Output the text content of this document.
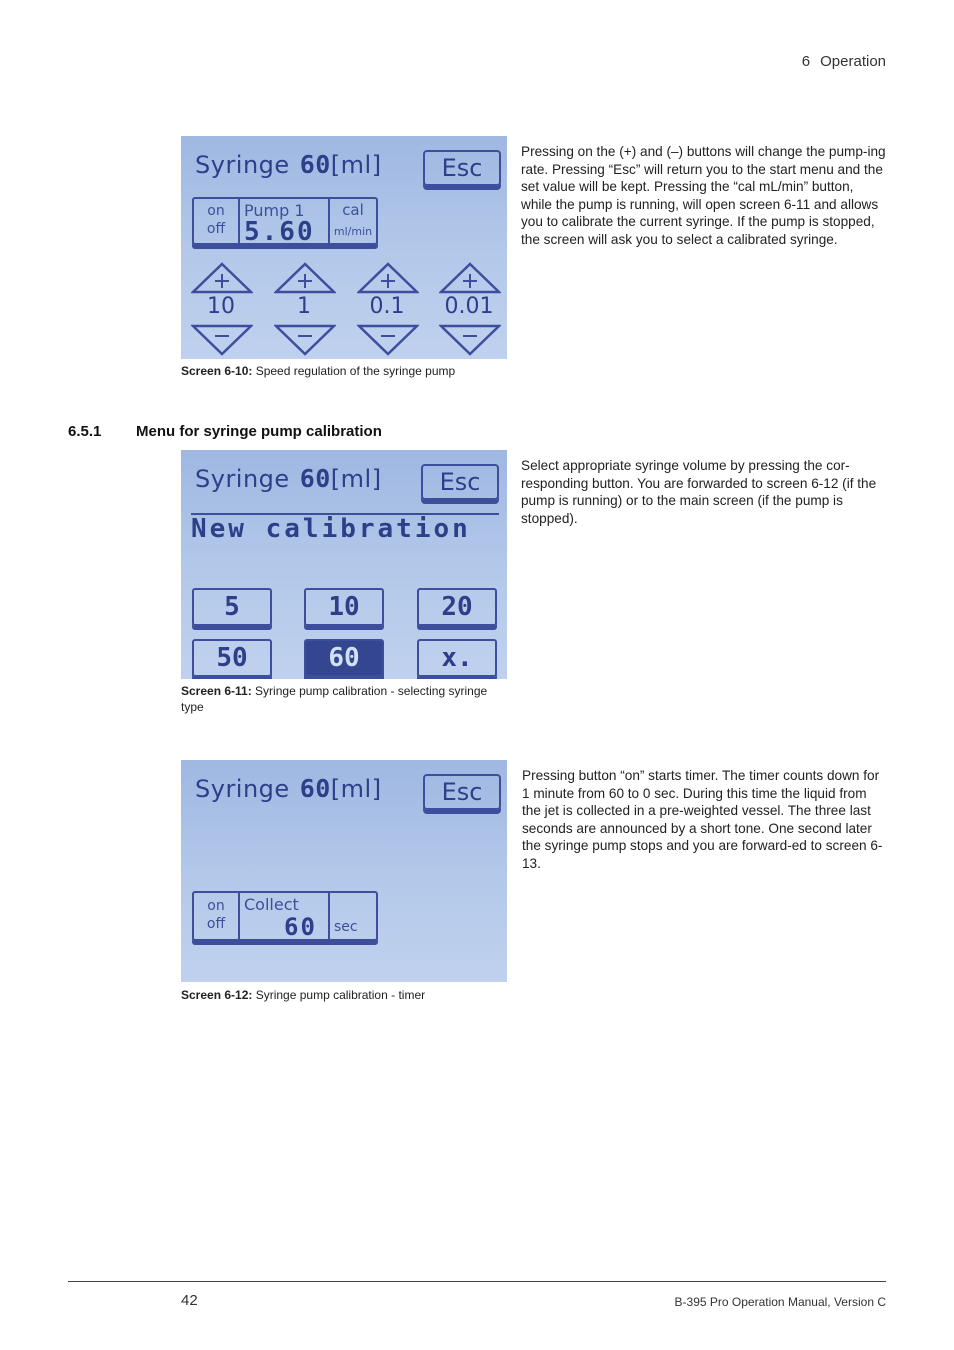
6 Operation
Syringe 60[ml]	Esc
on
off
Pump 1
5.60
cal
ml/min
10	1	0.1	0.01
Screen 6-10: Speed regulation of the syringe pump
Pressing on the (+) and (–) buttons will change the pump-ing rate. Pressing “Esc” will return you to the start menu and the set value will be kept. Pressing the “cal mL/min” button, while the pump is running, will open screen 6-11 and allows you to calibrate the current syringe. If the pump is stopped, the screen will ask you to select a calibrated syringe.
6.5.1 Menu for syringe pump calibration
Syringe 60[ml]	Esc
New calibration
5	10	20
50	60	x.
Screen 6-11: Syringe pump calibration - selecting syringe type
Select appropriate syringe volume by pressing the cor-responding button. You are forwarded to screen 6-12 (if the pump is running) or to the main screen (if the pump is stopped).
Syringe 60[ml]	Esc
on
off
Collect
60 sec
Screen 6-12: Syringe pump calibration - timer
Pressing button “on” starts timer. The timer counts down for 1 minute from 60 to 0 sec. During this time the liquid from the jet is collected in a pre-weighted vessel. The three last seconds are announced by a short tone. One second later the syringe pump stops and you are forward-ed to screen 6-13.
42	B-395 Pro Operation Manual, Version C
